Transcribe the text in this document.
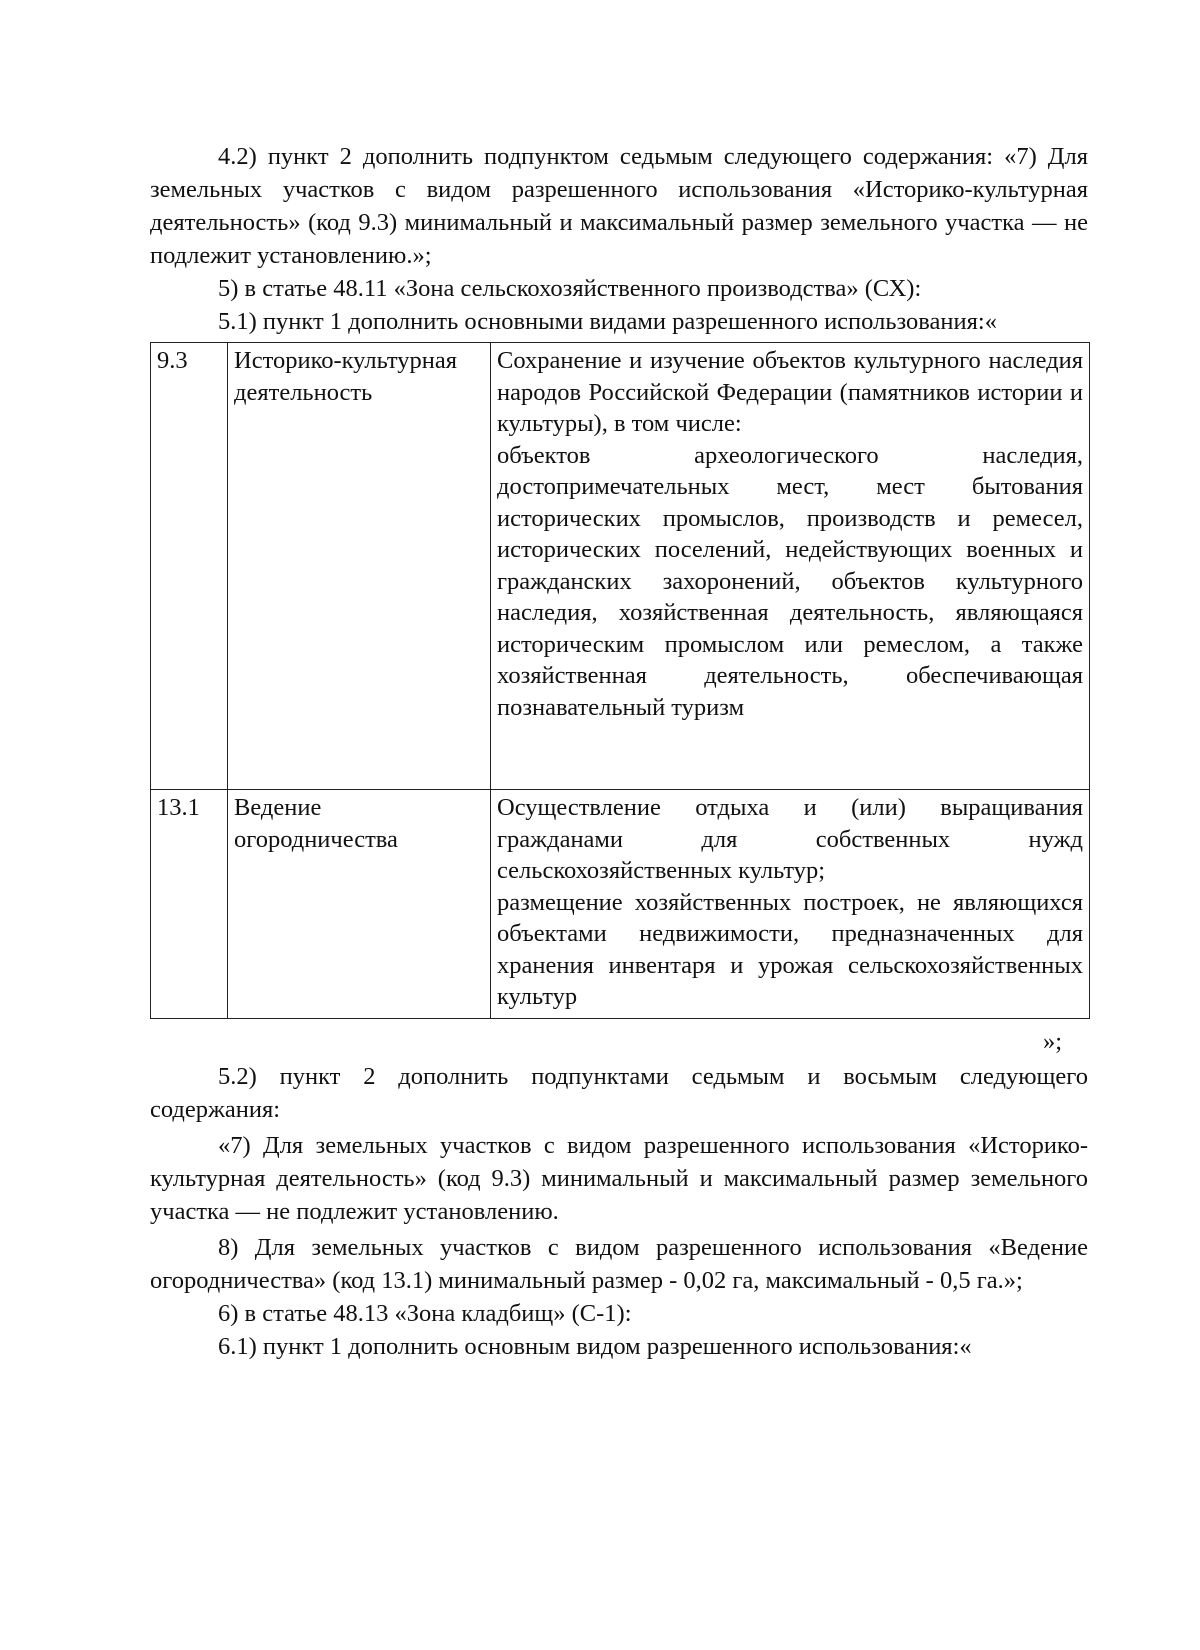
4.2) пункт 2 дополнить подпунктом седьмым следующего содержания: «7) Для земельных участков с видом разрешенного использования «Историко-культурная деятельность» (код 9.3) минимальный и максимальный размер земельного участка — не подлежит установлению.»;

5) в статье 48.11 «Зона сельскохозяйственного производства» (СХ):

5.1) пункт 1 дополнить основными видами разрешенного использования:«

9.3	Историко-культурная деятельность	Сохранение и изучение объектов культурного наследия народов Российской Федерации (памятников истории и культуры), в том числе:
объектов археологического наследия, достопримечательных мест, мест бытования исторических промыслов, производств и ремесел, исторических поселений, недействующих военных и гражданских захоронений, объектов культурного наследия, хозяйственная деятельность, являющаяся историческим промыслом или ремеслом, а также хозяйственная деятельность, обеспечивающая познавательный туризм

13.1	Ведение огородничества	Осуществление отдыха и (или) выращивания гражданами для собственных нужд сельскохозяйственных культур;
размещение хозяйственных построек, не являющихся объектами недвижимости, предназначенных для хранения инвентаря и урожая сельскохозяйственных культур

»;

5.2) пункт 2 дополнить подпунктами седьмым и восьмым следующего содержания:

«7) Для земельных участков с видом разрешенного использования «Историко-культурная деятельность» (код 9.3) минимальный и максимальный размер земельного участка — не подлежит установлению.

8) Для земельных участков с видом разрешенного использования «Ведение огородничества» (код 13.1) минимальный размер - 0,02 га, максимальный - 0,5 га.»;

6) в статье 48.13 «Зона кладбищ» (С-1):

6.1) пункт 1 дополнить основным видом разрешенного использования:«
